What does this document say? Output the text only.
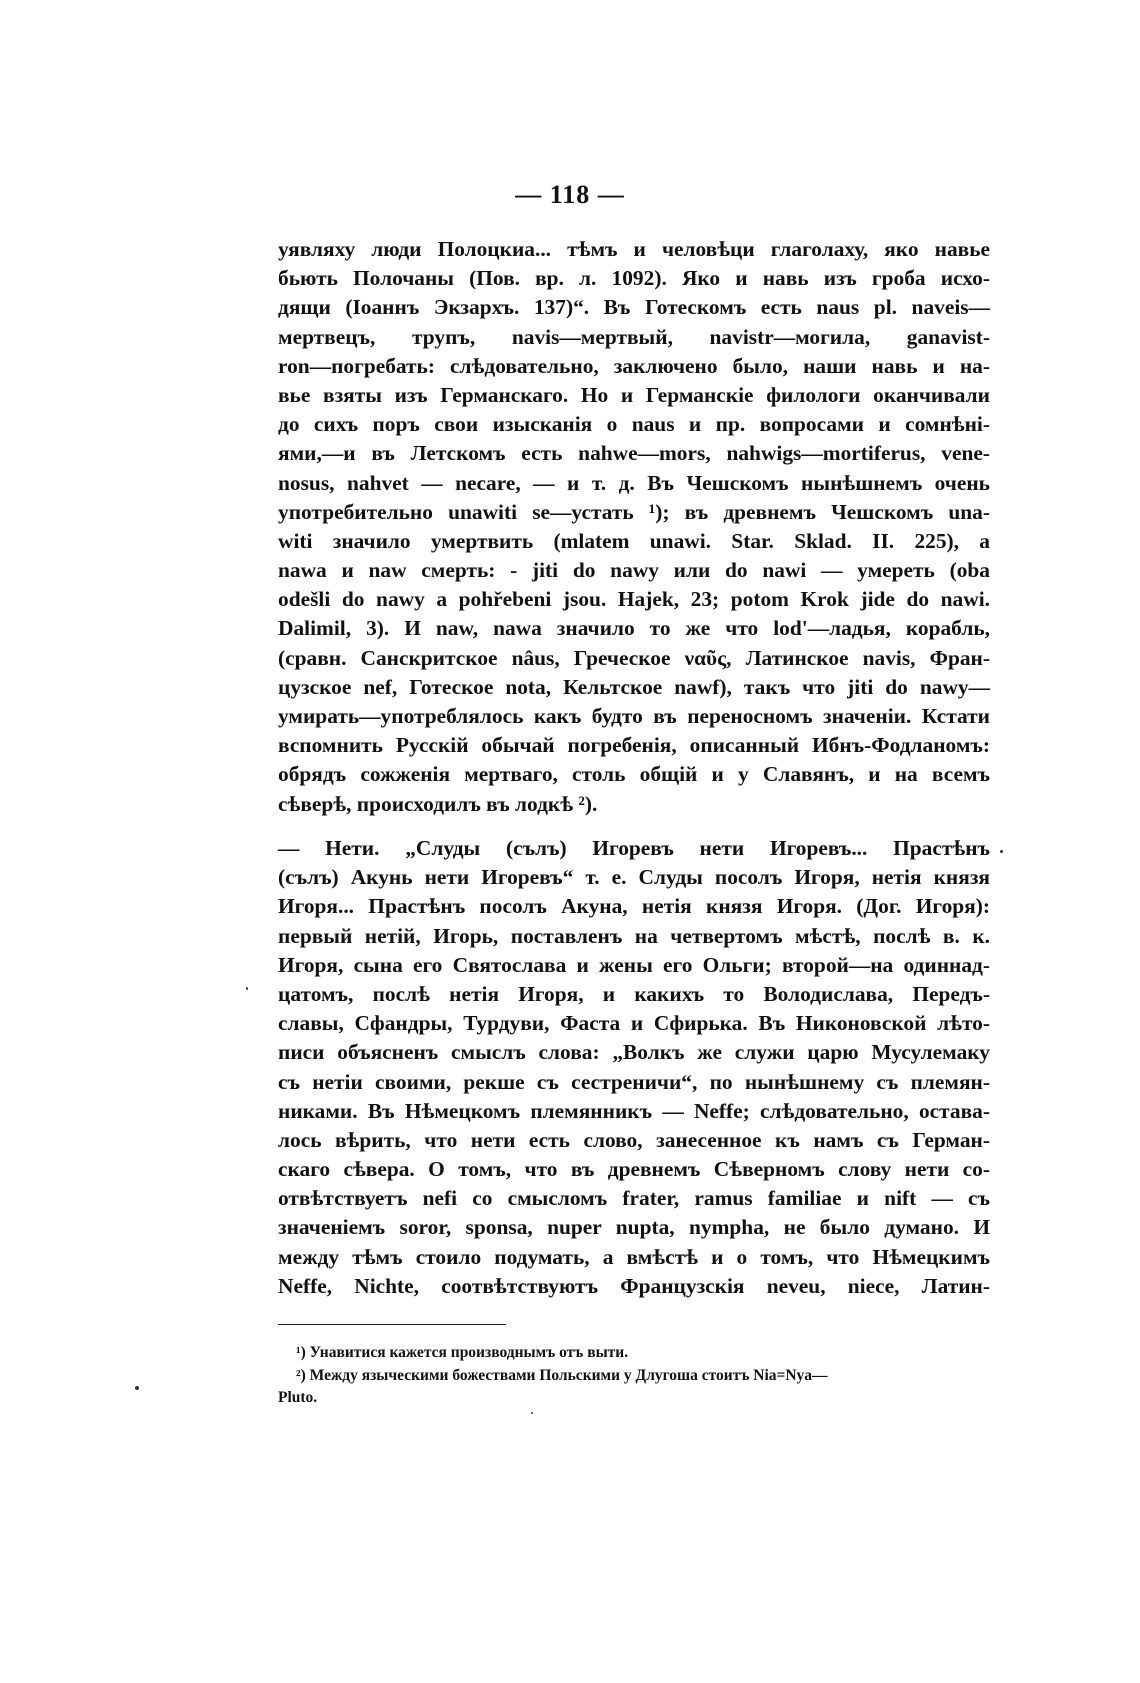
— 118 —
уявляху люди Полоцкиа... тѣмъ и человѣци глаголаху, яко навье
бьють Полочаны (Пов. вр. л. 1092). Яко и навь изъ гроба исхо-
дящи (Іоаннъ Экзархъ. 137)“. Въ Готескомъ есть naus pl. naveis—
мертвецъ, трупъ, navis—мертвый, navistr—могила, ganavist-
ron—погребать: слѣдовательно, заключено было, наши навь и на-
вье взяты изъ Германскаго. Но и Германскіе филологи оканчивали
до сихъ поръ свои изысканія о naus и пр. вопросами и сомнѣні-
ями,—и въ Летскомъ есть nahwe—mors, nahwigs—mortiferus, vene-
nosus, nahvet — necare, — и т. д. Въ Чешскомъ нынѣшнемъ очень
употребительно unawiti se—устать ¹); въ древнемъ Чешскомъ una-
witi значило умертвить (mlatem unawi. Star. Sklad. II. 225), а
nawa и naw смерть: - jiti do nawy или do nawi — умереть (oba
odešli do nawy a pohřebeni jsou. Hajek, 23; potom Krok jide do nawi.
Dalimil, 3). И naw, nawa значило то же что lod'—ладья, корабль,
(сравн. Санскритское nâus, Греческое ναῦς, Латинское navis, Фран-
цузское nef, Готеское nota, Кельтское nawf), такъ что jiti do nawy—
умирать—употреблялось какъ будто въ переносномъ значеніи. Кстати
вспомнить Русскій обычай погребенія, описанный Ибнъ-Фодланомъ:
обрядъ сожженія мертваго, столь общій и у Славянъ, и на всемъ
сѣверѣ, происходилъ въ лодкѣ ²).
— Нети. „Слуды (сълъ) Игоревъ нети Игоревъ... Прастѣнъ
(сълъ) Акунь нети Игоревъ“ т. е. Слуды посолъ Игоря, нетія князя
Игоря... Прастѣнъ посолъ Акуна, нетія князя Игоря. (Дог. Игоря):
первый нетій, Игорь, поставленъ на четвертомъ мѣстѣ, послѣ в. к.
Игоря, сына его Святослава и жены его Ольги; второй—на одиннад-
цатомъ, послѣ нетія Игоря, и какихъ то Володислава, Передъ-
славы, Сфандры, Турдуви, Фаста и Сфирька. Въ Никоновской лѣто-
писи объясненъ смыслъ слова: „Волкъ же служи царю Мусулемаку
съ нетіи своими, рекше съ сестреничи“, по нынѣшнему съ племян-
никами. Въ Нѣмецкомъ племянникъ — Neffe; слѣдовательно, остава-
лось вѣрить, что нети есть слово, занесенное къ намъ съ Герман-
скаго сѣвера. О томъ, что въ древнемъ Сѣверномъ слову нети со-
отвѣтствуетъ nefi со смысломъ frater, ramus familiae и nift — съ
значеніемъ soror, sponsa, nuper nupta, nympha, не было думано. И
между тѣмъ стоило подумать, а вмѣстѣ и о томъ, что Нѣмецкимъ
Neffe, Nichte, соотвѣтствуютъ Французскія neveu, niece, Латин-
¹) Унавитися кажется производнымъ отъ выти.
²) Между языческими божествами Польскими у Длугоша стоитъ Nia=Nya—
Pluto.
